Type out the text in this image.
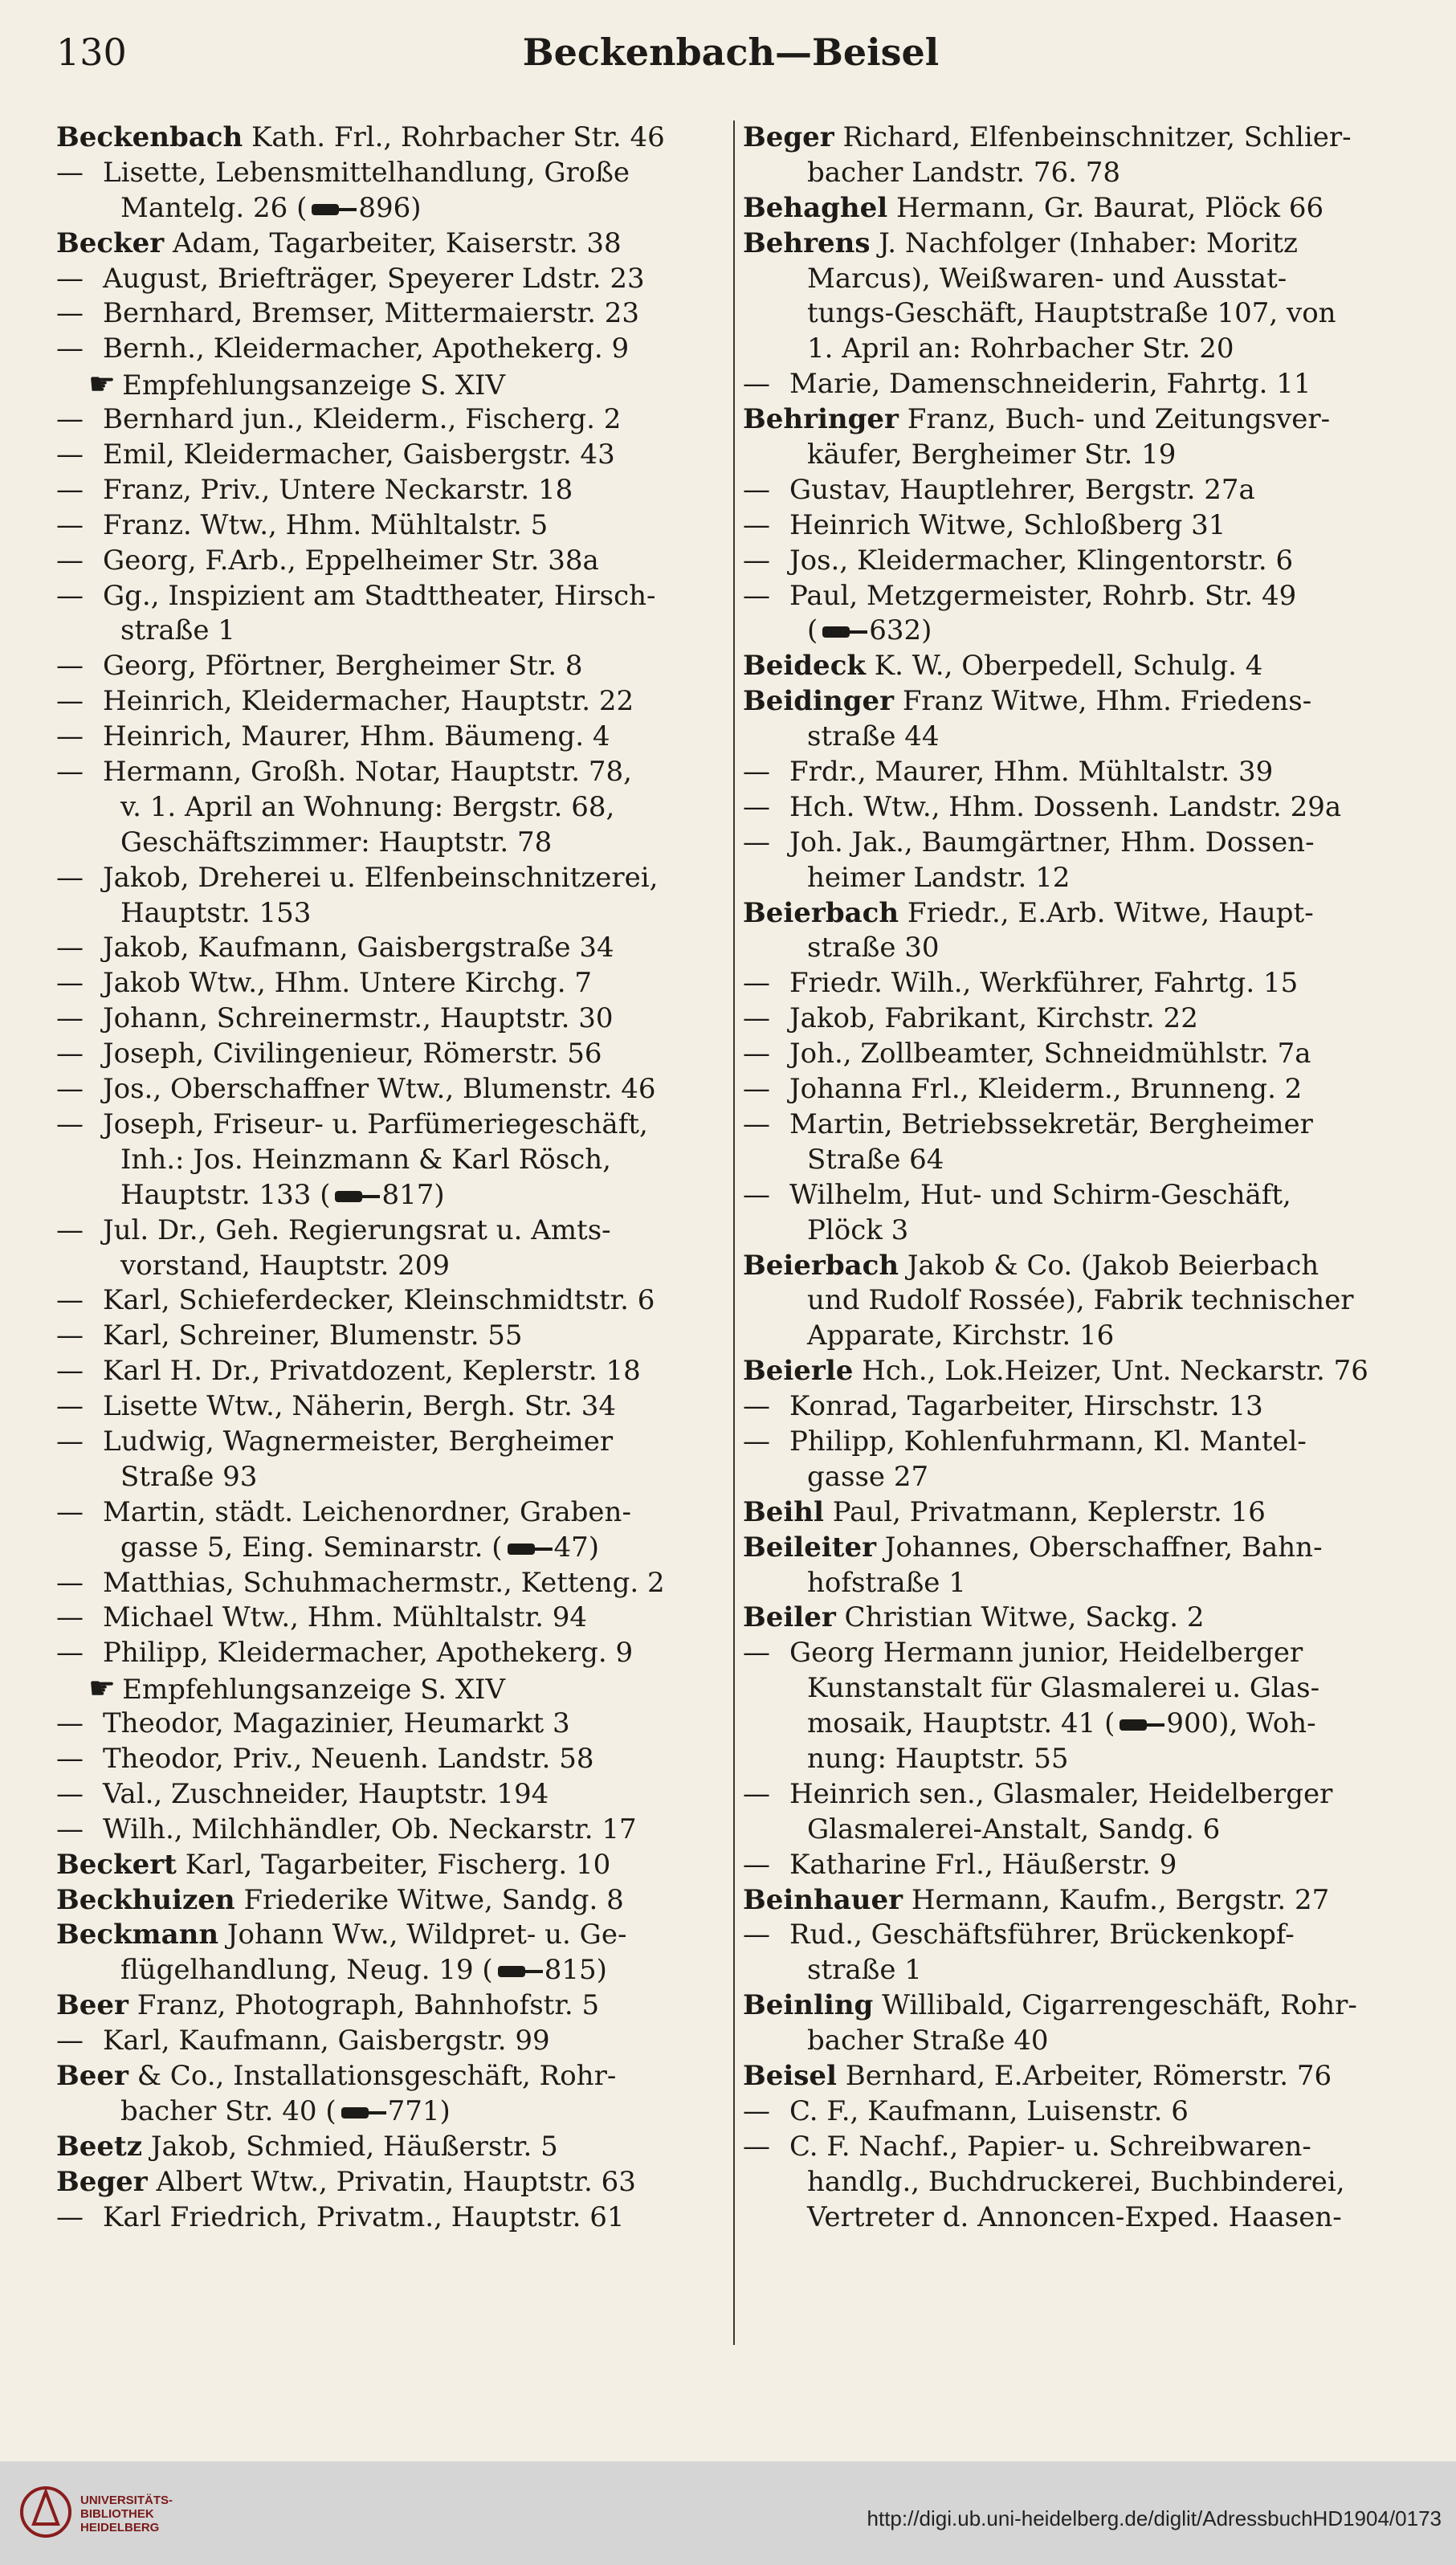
130	Beckenbach—Beisel
Beckenbach Kath. Frl., Rohrbacher Str. 46
— Lisette, Lebensmittelhandlung, Große
Mantelg. 26 ( 896)
Becker Adam, Tagarbeiter, Kaiserstr. 38
— August, Briefträger, Speyerer Ldstr. 23
— Bernhard, Bremser, Mittermaierstr. 23
— Bernh., Kleidermacher, Apothekerg. 9
☛ Empfehlungsanzeige S. XIV
— Bernhard jun., Kleiderm., Fischerg. 2
— Emil, Kleidermacher, Gaisbergstr. 43
— Franz, Priv., Untere Neckarstr. 18
— Franz. Wtw., Hhm. Mühltalstr. 5
— Georg, F.Arb., Eppelheimer Str. 38a
— Gg., Inspizient am Stadttheater, Hirsch-
straße 1
— Georg, Pförtner, Bergheimer Str. 8
— Heinrich, Kleidermacher, Hauptstr. 22
— Heinrich, Maurer, Hhm. Bäumeng. 4
— Hermann, Großh. Notar, Hauptstr. 78,
v. 1. April an Wohnung: Bergstr. 68,
Geschäftszimmer: Hauptstr. 78
— Jakob, Dreherei u. Elfenbeinschnitzerei,
Hauptstr. 153
— Jakob, Kaufmann, Gaisbergstraße 34
— Jakob Wtw., Hhm. Untere Kirchg. 7
— Johann, Schreinermstr., Hauptstr. 30
— Joseph, Civilingenieur, Römerstr. 56
— Jos., Oberschaffner Wtw., Blumenstr. 46
— Joseph, Friseur- u. Parfümeriegeschäft,
Inh.: Jos. Heinzmann & Karl Rösch,
Hauptstr. 133 ( 817)
— Jul. Dr., Geh. Regierungsrat u. Amts-
vorstand, Hauptstr. 209
— Karl, Schieferdecker, Kleinschmidtstr. 6
— Karl, Schreiner, Blumenstr. 55
— Karl H. Dr., Privatdozent, Keplerstr. 18
— Lisette Wtw., Näherin, Bergh. Str. 34
— Ludwig, Wagnermeister, Bergheimer
Straße 93
— Martin, städt. Leichenordner, Graben-
gasse 5, Eing. Seminarstr. ( 47)
— Matthias, Schuhmachermstr., Ketteng. 2
— Michael Wtw., Hhm. Mühltalstr. 94
— Philipp, Kleidermacher, Apothekerg. 9
☛ Empfehlungsanzeige S. XIV
— Theodor, Magazinier, Heumarkt 3
— Theodor, Priv., Neuenh. Landstr. 58
— Val., Zuschneider, Hauptstr. 194
— Wilh., Milchhändler, Ob. Neckarstr. 17
Beckert Karl, Tagarbeiter, Fischerg. 10
Beckhuizen Friederike Witwe, Sandg. 8
Beckmann Johann Ww., Wildpret- u. Ge-
flügelhandlung, Neug. 19 ( 815)
Beer Franz, Photograph, Bahnhofstr. 5
— Karl, Kaufmann, Gaisbergstr. 99
Beer & Co., Installationsgeschäft, Rohr-
bacher Str. 40 ( 771)
Beetz Jakob, Schmied, Häußerstr. 5
Beger Albert Wtw., Privatin, Hauptstr. 63
— Karl Friedrich, Privatm., Hauptstr. 61
Beger Richard, Elfenbeinschnitzer, Schlier-
bacher Landstr. 76. 78
Behaghel Hermann, Gr. Baurat, Plöck 66
Behrens J. Nachfolger (Inhaber: Moritz
Marcus), Weißwaren- und Ausstat-
tungs-Geschäft, Hauptstraße 107, von
1. April an: Rohrbacher Str. 20
— Marie, Damenschneiderin, Fahrtg. 11
Behringer Franz, Buch- und Zeitungsver-
käufer, Bergheimer Str. 19
— Gustav, Hauptlehrer, Bergstr. 27a
— Heinrich Witwe, Schloßberg 31
— Jos., Kleidermacher, Klingentorstr. 6
— Paul, Metzgermeister, Rohrb. Str. 49
( 632)
Beideck K. W., Oberpedell, Schulg. 4
Beidinger Franz Witwe, Hhm. Friedens-
straße 44
— Frdr., Maurer, Hhm. Mühltalstr. 39
— Hch. Wtw., Hhm. Dossenh. Landstr. 29a
— Joh. Jak., Baumgärtner, Hhm. Dossen-
heimer Landstr. 12
Beierbach Friedr., E.Arb. Witwe, Haupt-
straße 30
— Friedr. Wilh., Werkführer, Fahrtg. 15
— Jakob, Fabrikant, Kirchstr. 22
— Joh., Zollbeamter, Schneidmühlstr. 7a
— Johanna Frl., Kleiderm., Brunneng. 2
— Martin, Betriebssekretär, Bergheimer
Straße 64
— Wilhelm, Hut- und Schirm-Geschäft,
Plöck 3
Beierbach Jakob & Co. (Jakob Beierbach
und Rudolf Rossée), Fabrik technischer
Apparate, Kirchstr. 16
Beierle Hch., Lok.Heizer, Unt. Neckarstr. 76
— Konrad, Tagarbeiter, Hirschstr. 13
— Philipp, Kohlenfuhrmann, Kl. Mantel-
gasse 27
Beihl Paul, Privatmann, Keplerstr. 16
Beileiter Johannes, Oberschaffner, Bahn-
hofstraße 1
Beiler Christian Witwe, Sackg. 2
— Georg Hermann junior, Heidelberger
Kunstanstalt für Glasmalerei u. Glas-
mosaik, Hauptstr. 41 ( 900), Woh-
nung: Hauptstr. 55
— Heinrich sen., Glasmaler, Heidelberger
Glasmalerei-Anstalt, Sandg. 6
— Katharine Frl., Häußerstr. 9
Beinhauer Hermann, Kaufm., Bergstr. 27
— Rud., Geschäftsführer, Brückenkopf-
straße 1
Beinling Willibald, Cigarrengeschäft, Rohr-
bacher Straße 40
Beisel Bernhard, E.Arbeiter, Römerstr. 76
— C. F., Kaufmann, Luisenstr. 6
— C. F. Nachf., Papier- u. Schreibwaren-
handlg., Buchdruckerei, Buchbinderei,
Vertreter d. Annoncen-Exped. Haasen-
UNIVERSITÄTS-
BIBLIOTHEK
HEIDELBERG	http://digi.ub.uni-heidelberg.de/diglit/AdressbuchHD1904/0173
